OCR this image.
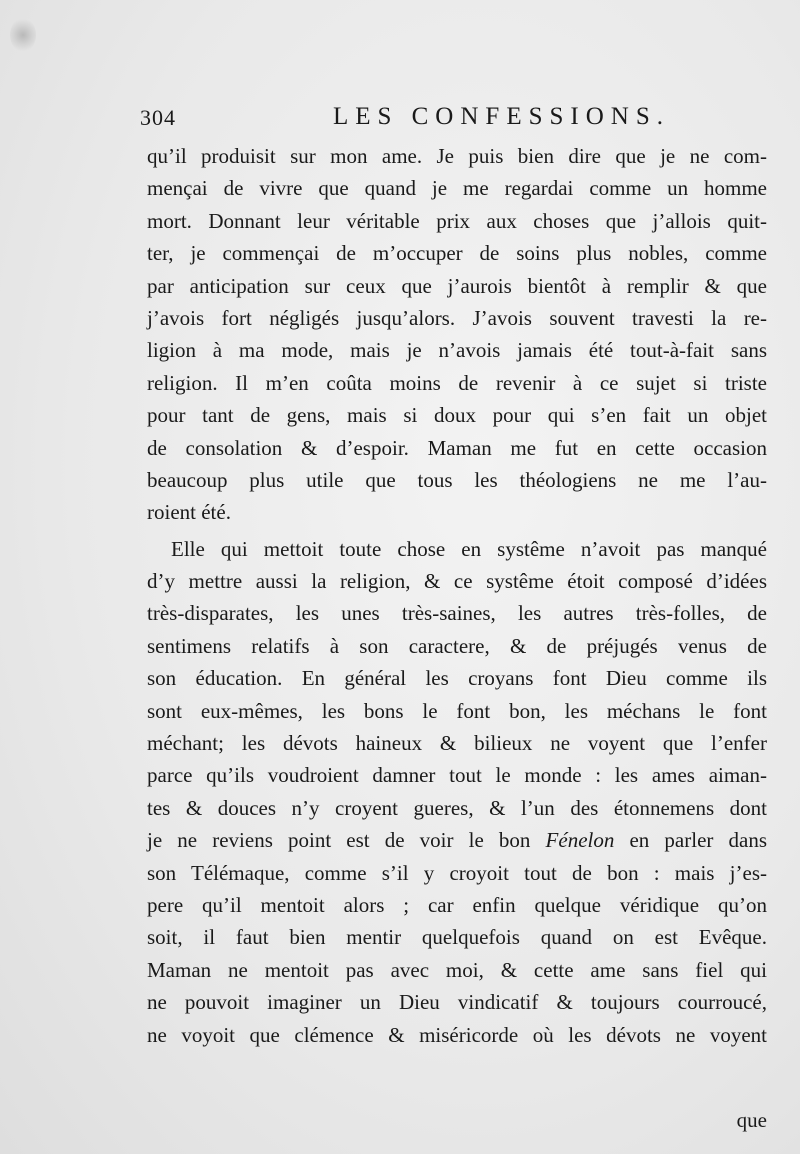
304	LES CONFESSIONS.
qu’il produisit sur mon ame. Je puis bien dire que je ne com-
mençai de vivre que quand je me regardai comme un homme
mort. Donnant leur véritable prix aux choses que j’allois quit-
ter, je commençai de m’occuper de soins plus nobles, comme
par anticipation sur ceux que j’aurois bientôt à remplir & que
j’avois fort négligés jusqu’alors. J’avois souvent travesti la re-
ligion à ma mode, mais je n’avois jamais été tout-à-fait sans
religion. Il m’en coûta moins de revenir à ce sujet si triste
pour tant de gens, mais si doux pour qui s’en fait un objet
de consolation & d’espoir. Maman me fut en cette occasion
beaucoup plus utile que tous les théologiens ne me l’au-
roient été.
Elle qui mettoit toute chose en systême n’avoit pas manqué
d’y mettre aussi la religion, & ce systême étoit composé d’idées
très-disparates, les unes très-saines, les autres très-folles, de
sentimens relatifs à son caractere, & de préjugés venus de
son éducation. En général les croyans font Dieu comme ils
sont eux-mêmes, les bons le font bon, les méchans le font
méchant; les dévots haineux & bilieux ne voyent que l’enfer
parce qu’ils voudroient damner tout le monde : les ames aiman-
tes & douces n’y croyent gueres, & l’un des étonnemens dont
je ne reviens point est de voir le bon Fénelon en parler dans
son Télémaque, comme s’il y croyoit tout de bon : mais j’es-
pere qu’il mentoit alors ; car enfin quelque véridique qu’on
soit, il faut bien mentir quelquefois quand on est Evêque.
Maman ne mentoit pas avec moi, & cette ame sans fiel qui
ne pouvoit imaginer un Dieu vindicatif & toujours courroucé,
ne voyoit que clémence & miséricorde où les dévots ne voyent
que
